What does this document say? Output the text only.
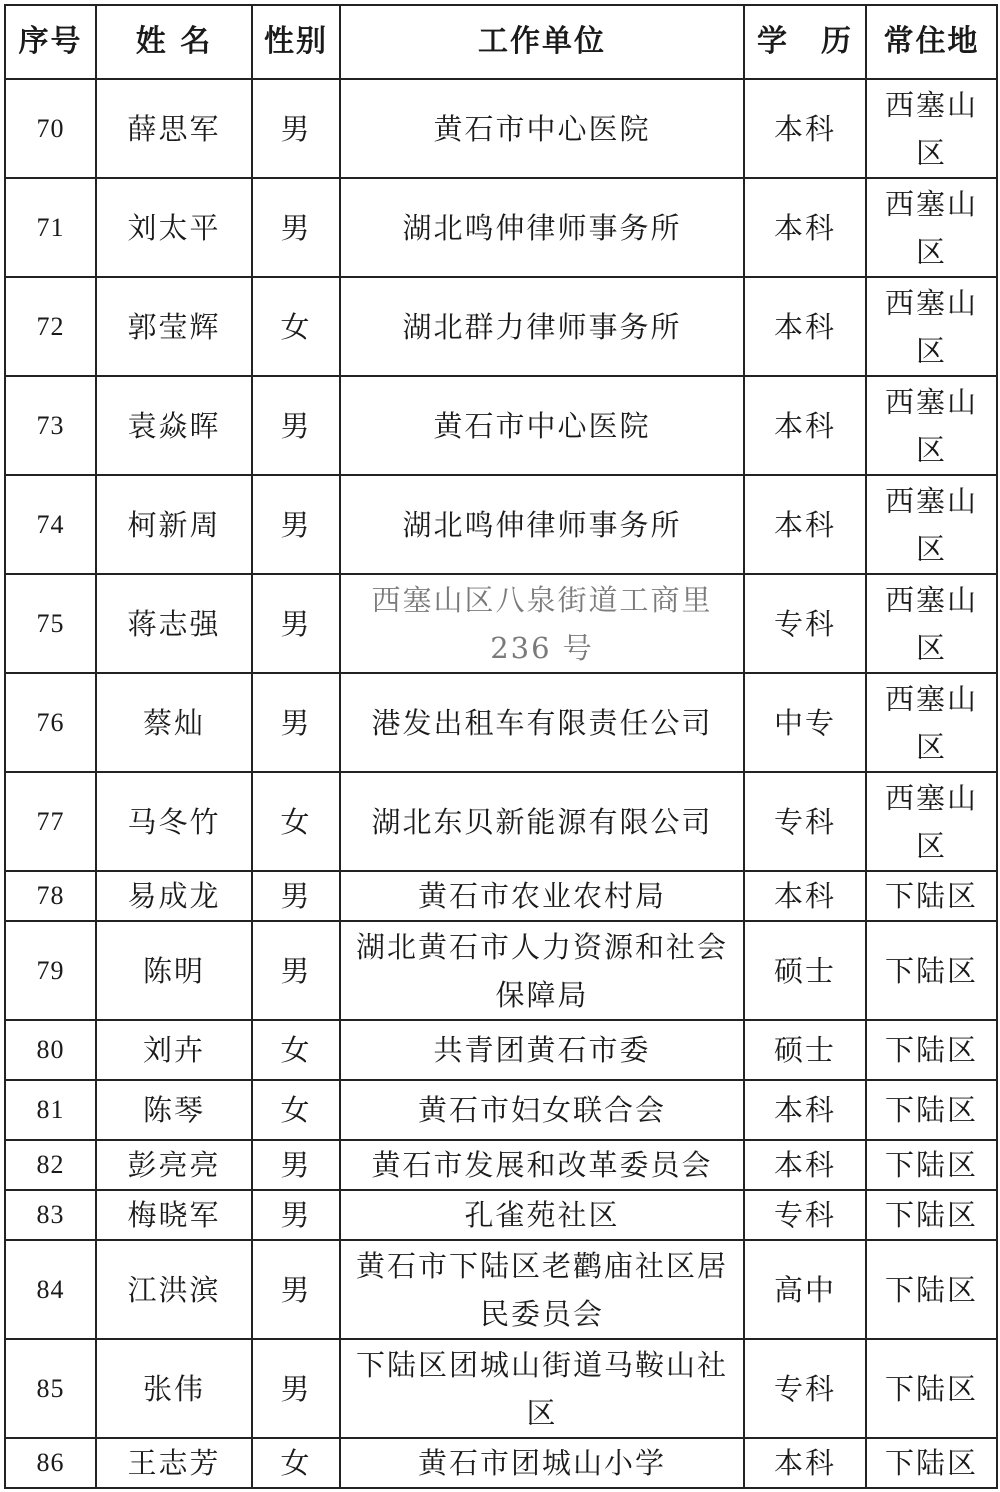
序号	姓 名	性别	工作单位	学　历	常住地
70	薛思军	男	黄石市中心医院	本科	西塞山区
71	刘太平	男	湖北鸣伸律师事务所	本科	西塞山区
72	郭莹辉	女	湖北群力律师事务所	本科	西塞山区
73	袁焱晖	男	黄石市中心医院	本科	西塞山区
74	柯新周	男	湖北鸣伸律师事务所	本科	西塞山区
75	蒋志强	男	西塞山区八泉街道工商里236 号	专科	西塞山区
76	蔡灿	男	港发出租车有限责任公司	中专	西塞山区
77	马冬竹	女	湖北东贝新能源有限公司	专科	西塞山区
78	易成龙	男	黄石市农业农村局	本科	下陆区
79	陈明	男	湖北黄石市人力资源和社会保障局	硕士	下陆区
80	刘卉	女	共青团黄石市委	硕士	下陆区
81	陈琴	女	黄石市妇女联合会	本科	下陆区
82	彭亮亮	男	黄石市发展和改革委员会	本科	下陆区
83	梅晓军	男	孔雀苑社区	专科	下陆区
84	江洪滨	男	黄石市下陆区老鹳庙社区居民委员会	高中	下陆区
85	张伟	男	下陆区团城山街道马鞍山社区	专科	下陆区
86	王志芳	女	黄石市团城山小学	本科	下陆区
